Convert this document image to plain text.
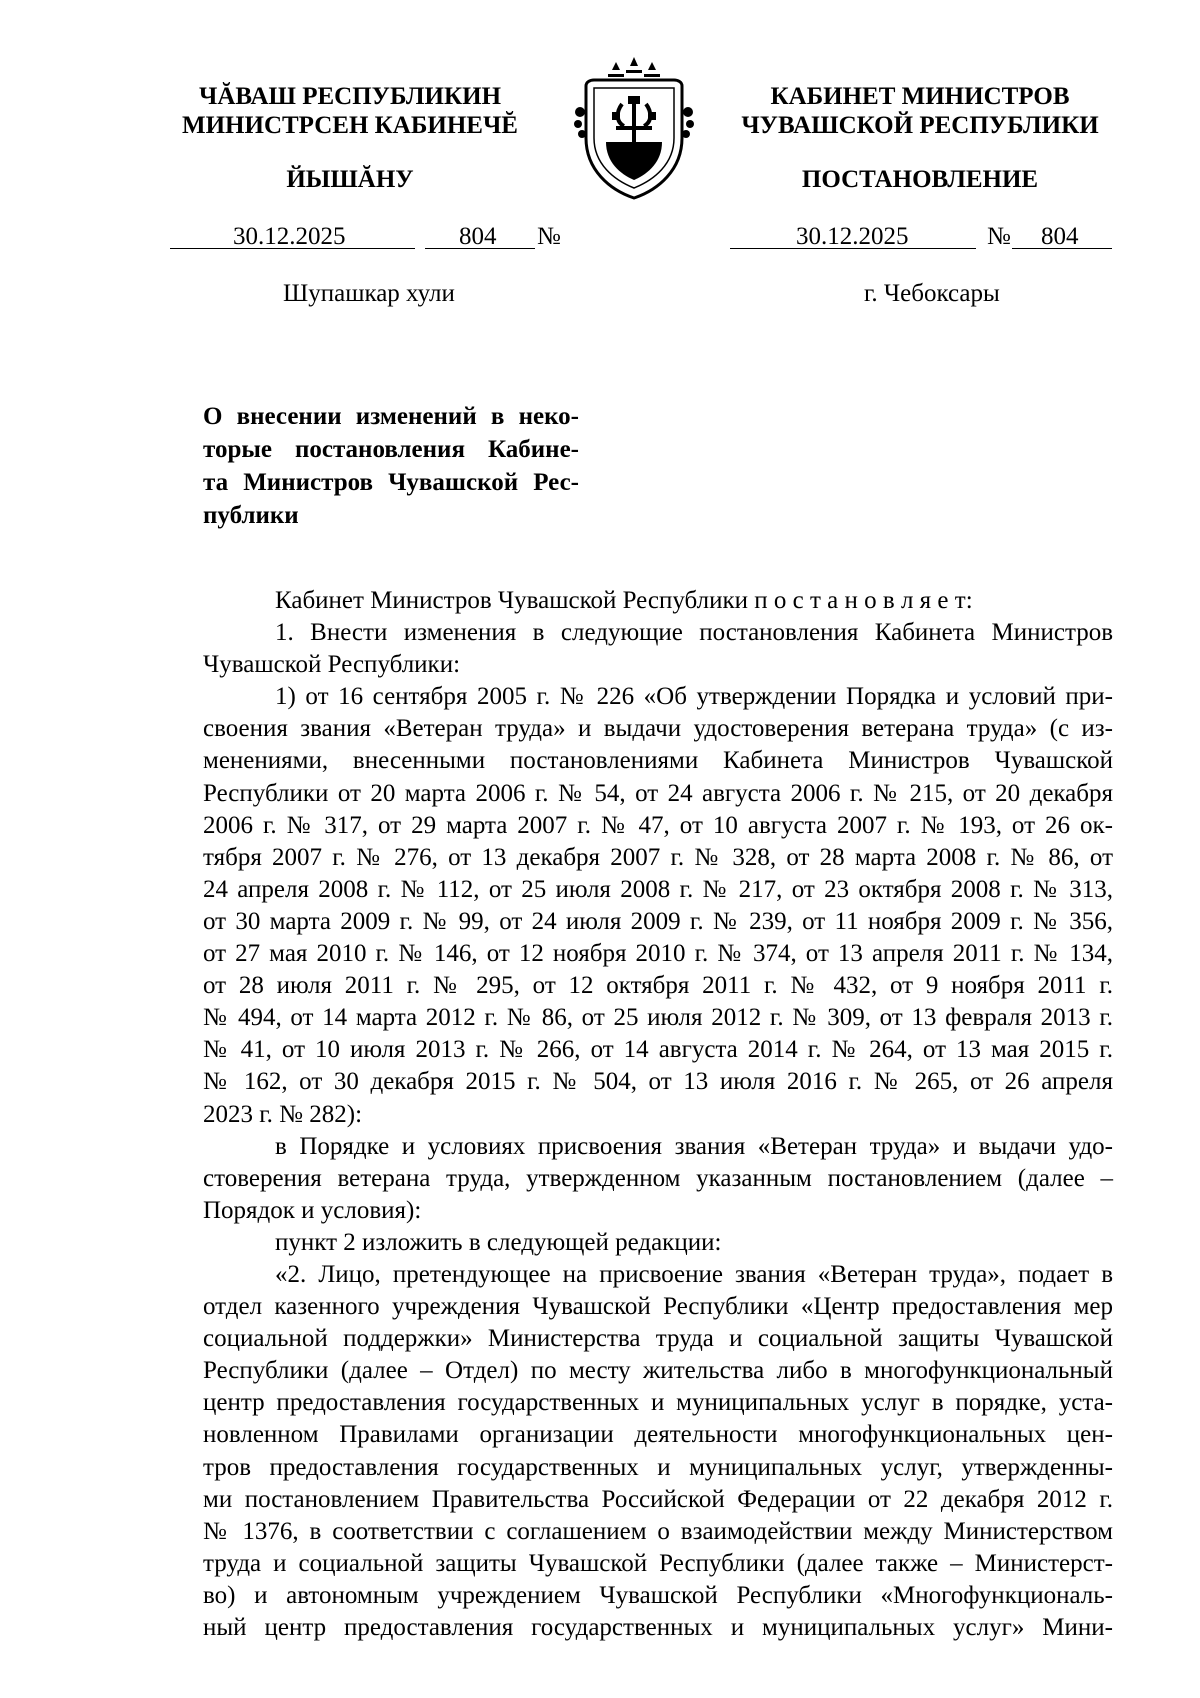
ЧĂВАШ РЕСПУБЛИКИН
МИНИСТРСЕН КАБИНЕЧĔ
ЙЫШĂНУ
30.12.2025	804 №
Шупашкар хули
КАБИНЕТ МИНИСТРОВ
ЧУВАШСКОЙ РЕСПУБЛИКИ
ПОСТАНОВЛЕНИЕ
30.12.2025	№ 804
г. Чебоксары
О внесении изменений в неко-
торые постановления Кабине-
та Министров Чувашской Рес-
публики
Кабинет Министров Чувашской Республики п о с т а н о в л я е т:
1. Внести изменения в следующие постановления Кабинета Министров
Чувашской Республики:
1) от 16 сентября 2005 г. № 226 «Об утверждении Порядка и условий при-
своения звания «Ветеран труда» и выдачи удостоверения ветерана труда» (с из-
менениями, внесенными постановлениями Кабинета Министров Чувашской
Республики от 20 марта 2006 г. № 54, от 24 августа 2006 г. № 215, от 20 декабря
2006 г. № 317, от 29 марта 2007 г. № 47, от 10 августа 2007 г. № 193, от 26 ок-
тября 2007 г. № 276, от 13 декабря 2007 г. № 328, от 28 марта 2008 г. № 86, от
24 апреля 2008 г. № 112, от 25 июля 2008 г. № 217, от 23 октября 2008 г. № 313,
от 30 марта 2009 г. № 99, от 24 июля 2009 г. № 239, от 11 ноября 2009 г. № 356,
от 27 мая 2010 г. № 146, от 12 ноября 2010 г. № 374, от 13 апреля 2011 г. № 134,
от 28 июля 2011 г. № 295, от 12 октября 2011 г. № 432, от 9 ноября 2011 г.
№ 494, от 14 марта 2012 г. № 86, от 25 июля 2012 г. № 309, от 13 февраля 2013 г.
№ 41, от 10 июля 2013 г. № 266, от 14 августа 2014 г. № 264, от 13 мая 2015 г.
№ 162, от 30 декабря 2015 г. № 504, от 13 июля 2016 г. № 265, от 26 апреля
2023 г. № 282):
в Порядке и условиях присвоения звания «Ветеран труда» и выдачи удо-
стоверения ветерана труда, утвержденном указанным постановлением (далее –
Порядок и условия):
пункт 2 изложить в следующей редакции:
«2. Лицо, претендующее на присвоение звания «Ветеран труда», подает в
отдел казенного учреждения Чувашской Республики «Центр предоставления мер
социальной поддержки» Министерства труда и социальной защиты Чувашской
Республики (далее – Отдел) по месту жительства либо в многофункциональный
центр предоставления государственных и муниципальных услуг в порядке, уста-
новленном Правилами организации деятельности многофункциональных цен-
тров предоставления государственных и муниципальных услуг, утвержденны-
ми постановлением Правительства Российской Федерации от 22 декабря 2012 г.
№ 1376, в соответствии с соглашением о взаимодействии между Министерством
труда и социальной защиты Чувашской Республики (далее также – Министерст-
во) и автономным учреждением Чувашской Республики «Многофункциональ-
ный центр предоставления государственных и муниципальных услуг» Мини-
